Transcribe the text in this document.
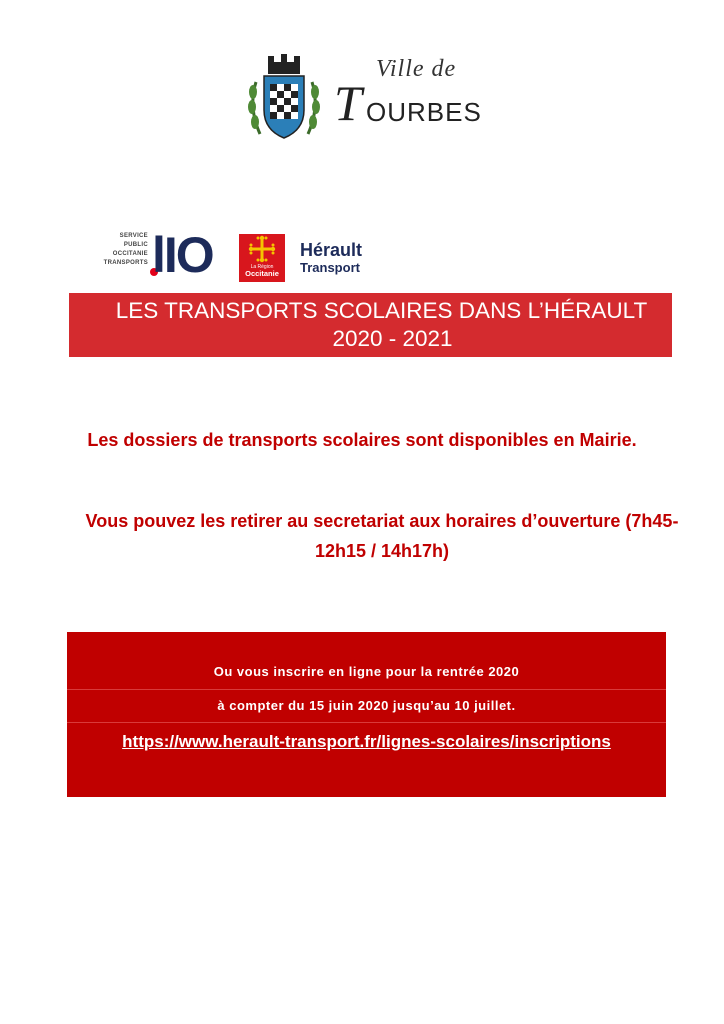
Ville de
T OURBES
SERVICE
PUBLIC
OCCITANIE
TRANSPORTS lIO	La Région
Occitanie
Hérault
Transport
LES TRANSPORTS SCOLAIRES DANS L’HÉRAULT
2020 - 2021
Les dossiers de transports scolaires sont disponibles en Mairie.
Vous pouvez les retirer au secretariat aux horaires d’ouverture (7h45-12h15 / 14h17h)
Ou vous inscrire en ligne pour la rentrée 2020
à compter du 15 juin 2020 jusqu’au 10 juillet.
https://www.herault-transport.fr/lignes-scolaires/inscriptions
